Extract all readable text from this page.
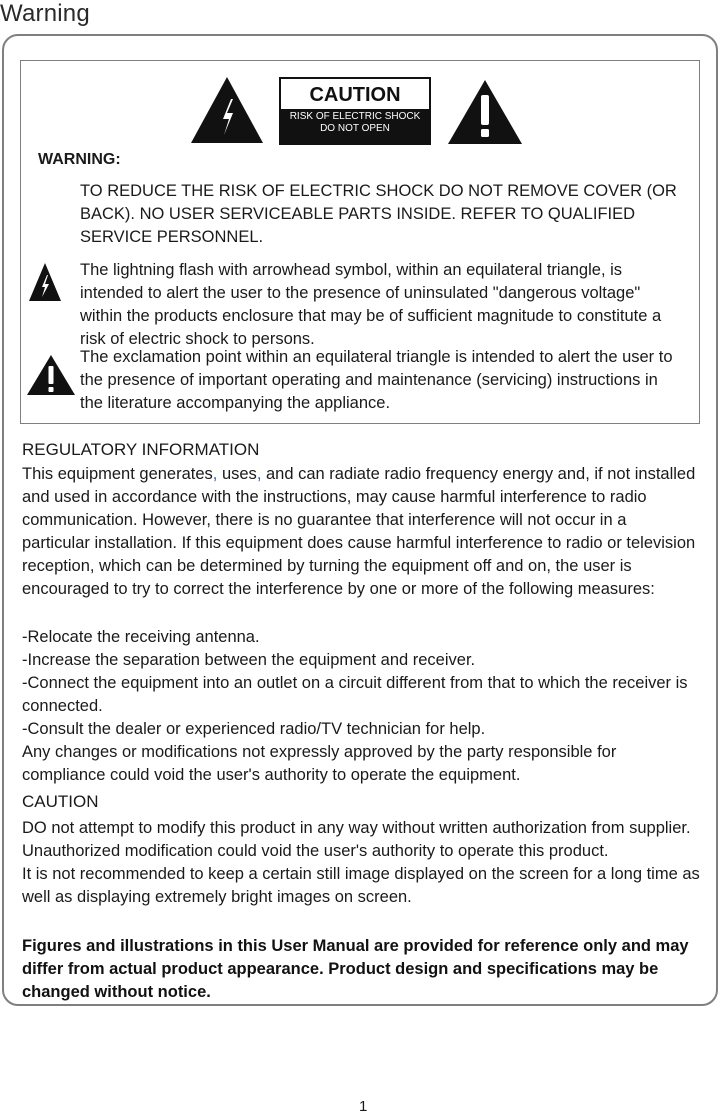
Warning
CAUTION
RISK OF ELECTRIC SHOCK
DO NOT OPEN
WARNING:
TO REDUCE THE RISK OF ELECTRIC SHOCK DO NOT REMOVE COVER (OR BACK). NO USER SERVICEABLE PARTS INSIDE. REFER TO QUALIFIED SERVICE PERSONNEL.
The lightning flash with arrowhead symbol, within an equilateral triangle, is intended to alert the user to the presence of uninsulated "dangerous voltage" within the products enclosure that may be of sufficient magnitude to constitute a risk of electric shock to persons.
The exclamation point within an equilateral triangle is intended to alert the user to the presence of important operating and maintenance (servicing) instructions in the literature accompanying the appliance.
REGULATORY INFORMATION
This equipment generates, uses, and can radiate radio frequency energy and, if not installed and used in accordance with the instructions, may cause harmful interference to radio communication. However, there is no guarantee that interference will not occur in a particular installation. If this equipment does cause harmful interference to radio or television reception, which can be determined by turning the equipment off and on, the user is encouraged to try to correct the interference by one or more of the following measures:
-Relocate the receiving antenna.
-Increase the separation between the equipment and receiver.
-Connect the equipment into an outlet on a circuit different from that to which the receiver is connected.
-Consult the dealer or experienced radio/TV technician for help.
Any changes or modifications not expressly approved by the party responsible for compliance could void the user's authority to operate the equipment.
CAUTION
DO not attempt to modify this product in any way without written authorization from supplier. Unauthorized modification could void the user's authority to operate this product.
It is not recommended to keep a certain still image displayed on the screen for a long time as well as displaying extremely bright images on screen.
Figures and illustrations in this User Manual are provided for reference only and may differ from actual product appearance. Product design and specifications may be changed without notice.
1
